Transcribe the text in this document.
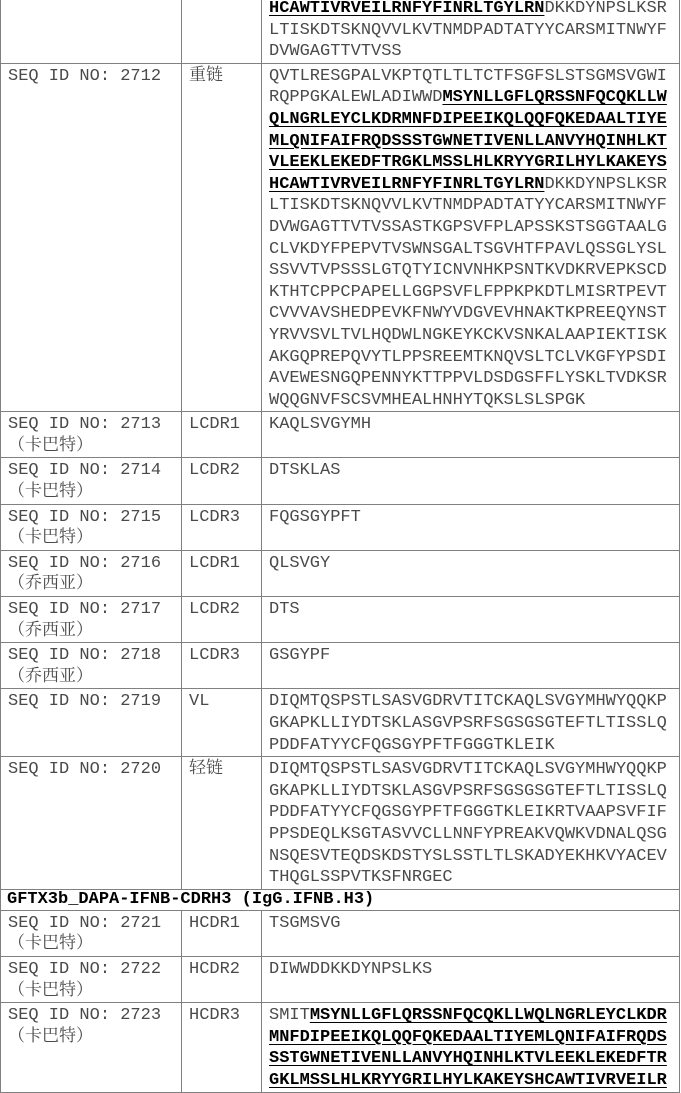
HCAWTIVRVEILRNFYFINRLTGYLRNDKKDYNPSLKSR
LTISKDTSKNQVVLKVTNMDPADTATYYCARSMITNWYF
DVWGAGTTVTVSS

SEQ ID NO: 2712	重链	QVTLRESGPALVKPTQTLTLTCTFSGFSLSTSGMSVGWI
RQPPGKALEWLADIWWDMSYNLLGFLQRSSNFQCQKLLW
QLNGRLEYCLKDRMNFDIPEEIKQLQQFQKEDAALTIYE
MLQNIFAIFRQDSSSTGWNETIVENLLANVYHQINHLKT
VLEEKLEKEDFTRGKLMSSLHLKRYYGRILHYLKAKEYS
HCAWTIVRVEILRNFYFINRLTGYLRNDKKDYNPSLKSR
LTISKDTSKNQVVLKVTNMDPADTATYYCARSMITNWYF
DVWGAGTTVTVSSASTKGPSVFPLAPSSKSTSGGTAALG
CLVKDYFPEPVTVSWNSGALTSGVHTFPAVLQSSGLYSL
SSVVTVPSSSLGTQTYICNVNHKPSNTKVDKRVEPKSCD
KTHTCPPCPAPELLGGPSVFLFPPKPKDTLMISRTPEVT
CVVVAVSHEDPEVKFNWYVDGVEVHNAKTKPREEQYNST
YRVVSVLTVLHQDWLNGKEYKCKVSNKALAAPIEKTISK
AKGQPREPQVYTLPPSREEMTKNQVSLTCLVKGFYPSDI
AVEWESNGQPENNYKTTPPVLDSDGSFFLYSKLTVDKSR
WQQGNVFSCSVMHEALHNHYTQKSLSLSPGK

SEQ ID NO: 2713（卡巴特）	LCDR1	KAQLSVGYMH

SEQ ID NO: 2714（卡巴特）	LCDR2	DTSKLAS

SEQ ID NO: 2715（卡巴特）	LCDR3	FQGSGYPFT

SEQ ID NO: 2716（乔西亚）	LCDR1	QLSVGY

SEQ ID NO: 2717（乔西亚）	LCDR2	DTS

SEQ ID NO: 2718（乔西亚）	LCDR3	GSGYPF

SEQ ID NO: 2719	VL	DIQMTQSPSTLSASVGDRVTITCKAQLSVGYMHWYQQKP
GKAPKLLIYDTSKLASGVPSRFSGSGSGTEFTLTISSLQ
PDDFATYYCFQGSGYPFTFGGGTKLEIK

SEQ ID NO: 2720	轻链	DIQMTQSPSTLSASVGDRVTITCKAQLSVGYMHWYQQKP
GKAPKLLIYDTSKLASGVPSRFSGSGSGTEFTLTISSLQ
PDDFATYYCFQGSGYPFTFGGGTKLEIKRTVAAPSVFIF
PPSDEQLKSGTASVVCLLNNFYPREAKVQWKVDNALQSG
NSQESVTEQDSKDSTYSLSSTLTLSKADYEKHKVYACEV
THQGLSSPVTKSFNRGEC

GFTX3b_DAPA-IFNB-CDRH3 (IgG.IFNB.H3)
SEQ ID NO: 2721（卡巴特）	HCDR1	TSGMSVG

SEQ ID NO: 2722（卡巴特）	HCDR2	DIWWDDKKDYNPSLKS

SEQ ID NO: 2723（卡巴特）	HCDR3	SMITMSYNLLGFLQRSSNFQCQKLLWQLNGRLEYCLKDR
MNFDIPEEIKQLQQFQKEDAALTIYEMLQNIFAIFRQDS
SSTGWNETIVENLLANVYHQINHLKTVLEEKLEKEDFTR
GKLMSSLHLKRYYGRILHYLKAKEYSHCAWTIVRVEILR
